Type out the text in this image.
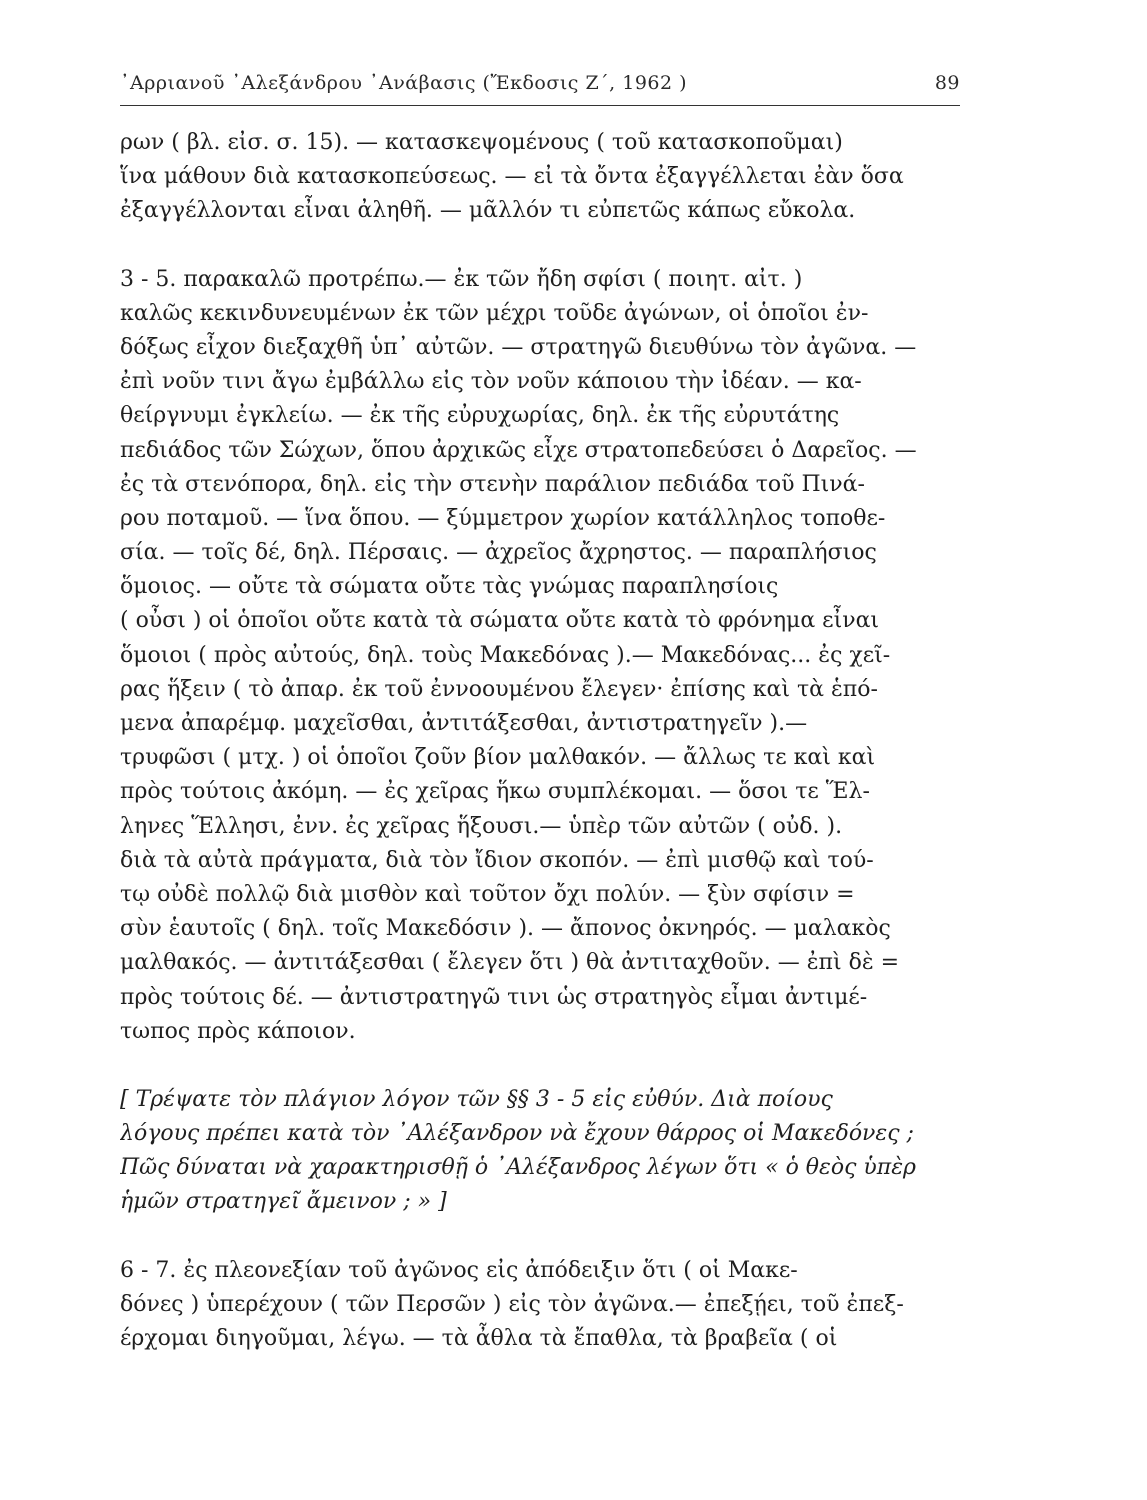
᾿Αρριανοῦ ᾿Αλεξάνδρου ᾿Ανάβασις (Ἔκδοσις Ζ΄, 1962 )	89
ρων ( βλ. εἰσ. σ. 15). — κατασκεψομένους ( τοῦ κατασκοποῦμαι)
ἵνα μάθουν διὰ κατασκοπεύσεως. — εἰ τὰ ὄντα ἐξαγγέλλεται ἐὰν ὅσα
ἐξαγγέλλονται εἶναι ἀληθῆ. — μᾶλλόν τι εὐπετῶς κάπως εὔκολα.
3 - 5. παρακαλῶ προτρέπω.— ἐκ τῶν ἤδη σφίσι ( ποιητ. αἰτ. )
καλῶς κεκινδυνευμένων ἐκ τῶν μέχρι τοῦδε ἀγώνων, οἱ ὁποῖοι ἐν-
δόξως εἶχον διεξαχθῆ ὑπ᾿ αὐτῶν. — στρατηγῶ διευθύνω τὸν ἀγῶνα. —
ἐπὶ νοῦν τινι ἄγω ἐμβάλλω εἰς τὸν νοῦν κάποιου τὴν ἰδέαν. — κα-
θείργνυμι ἐγκλείω. — ἐκ τῆς εὐρυχωρίας, δηλ. ἐκ τῆς εὐρυτάτης
πεδιάδος τῶν Σώχων, ὅπου ἀρχικῶς εἶχε στρατοπεδεύσει ὁ Δαρεῖος. —
ἐς τὰ στενόπορα, δηλ. εἰς τὴν στενὴν παράλιον πεδιάδα τοῦ Πινά-
ρου ποταμοῦ. — ἵνα ὅπου. — ξύμμετρον χωρίον κατάλληλος τοποθε-
σία. — τοῖς δέ, δηλ. Πέρσαις. — ἀχρεῖος ἄχρηστος. — παραπλήσιος
ὅμοιος. — οὔτε τὰ σώματα οὔτε τὰς γνώμας παραπλησίοις
( οὖσι ) οἱ ὁποῖοι οὔτε κατὰ τὰ σώματα οὔτε κατὰ τὸ φρόνημα εἶναι
ὅμοιοι ( πρὸς αὐτούς, δηλ. τοὺς Μακεδόνας ).— Μακεδόνας... ἐς χεῖ-
ρας ἥξειν ( τὸ ἀπαρ. ἐκ τοῦ ἐννοουμένου ἔλεγεν· ἐπίσης καὶ τὰ ἑπό-
μενα ἀπαρέμφ. μαχεῖσθαι, ἀντιτάξεσθαι, ἀντιστρατηγεῖν ).—
τρυφῶσι ( μτχ. ) οἱ ὁποῖοι ζοῦν βίον μαλθακόν. — ἄλλως τε καὶ καὶ
πρὸς τούτοις ἀκόμη. — ἐς χεῖρας ἥκω συμπλέκομαι. — ὅσοι τε Ἕλ-
ληνες Ἕλλησι, ἐνν. ἐς χεῖρας ἥξουσι.— ὑπὲρ τῶν αὐτῶν ( οὐδ. ).
διὰ τὰ αὐτὰ πράγματα, διὰ τὸν ἴδιον σκοπόν. — ἐπὶ μισθῷ καὶ τού-
τῳ οὐδὲ πολλῷ διὰ μισθὸν καὶ τοῦτον ὄχι πολύν. — ξὺν σφίσιν =
σὺν ἑαυτοῖς ( δηλ. τοῖς Μακεδόσιν ). — ἄπονος ὀκνηρός. — μαλακὸς
μαλθακός. — ἀντιτάξεσθαι ( ἔλεγεν ὅτι ) θὰ ἀντιταχθοῦν. — ἐπὶ δὲ =
πρὸς τούτοις δέ. — ἀντιστρατηγῶ τινι ὡς στρατηγὸς εἶμαι ἀντιμέ-
τωπος πρὸς κάποιον.
[ Τρέψατε τὸν πλάγιον λόγον τῶν §§ 3 - 5 εἰς εὐθύν. Διὰ ποίους
λόγους πρέπει κατὰ τὸν ᾿Αλέξανδρον νὰ ἔχουν θάρρος οἱ Μακεδόνες ;
Πῶς δύναται νὰ χαρακτηρισθῇ ὁ ᾿Αλέξανδρος λέγων ὅτι « ὁ θεὸς ὑπὲρ
ἡμῶν στρατηγεῖ ἄμεινον ; » ]
6 - 7. ἐς πλεονεξίαν τοῦ ἀγῶνος εἰς ἀπόδειξιν ὅτι ( οἱ Μακε-
δόνες ) ὑπερέχουν ( τῶν Περσῶν ) εἰς τὸν ἀγῶνα.— ἐπεξῄει, τοῦ ἐπεξ-
έρχομαι διηγοῦμαι, λέγω. — τὰ ἆθλα τὰ ἔπαθλα, τὰ βραβεῖα ( οἱ
